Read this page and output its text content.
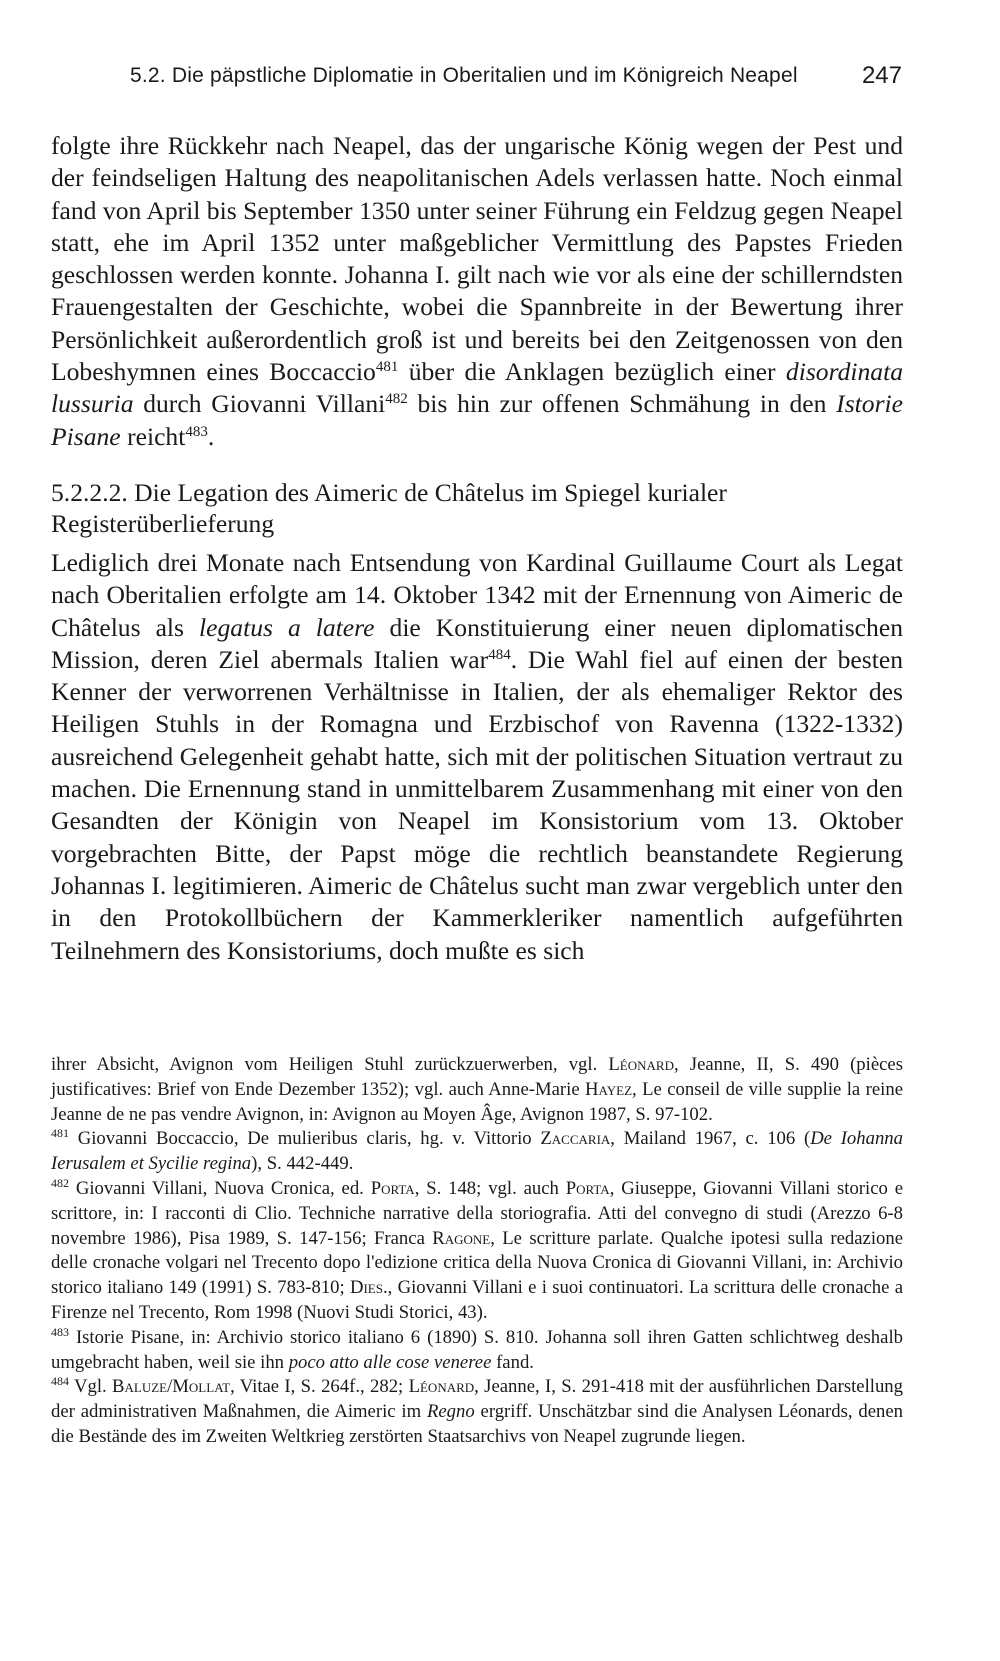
5.2. Die päpstliche Diplomatie in Oberitalien und im Königreich Neapel	247

folgte ihre Rückkehr nach Neapel, das der ungarische König wegen der Pest und der feindseligen Haltung des neapolitanischen Adels verlassen hatte. Noch einmal fand von April bis September 1350 unter seiner Führung ein Feldzug gegen Neapel statt, ehe im April 1352 unter maßgeblicher Vermittlung des Papstes Frieden geschlossen werden konnte. Johanna I. gilt nach wie vor als eine der schillerndsten Frauengestalten der Geschichte, wobei die Spannbreite in der Bewertung ihrer Persönlichkeit außerordentlich groß ist und bereits bei den Zeitgenossen von den Lobeshymnen eines Boccaccio$^{481}$ über die Anklagen bezüglich einer disordinata lussuria durch Giovanni Villani$^{482}$ bis hin zur offenen Schmähung in den Istorie Pisane reicht$^{483}$.

5.2.2.2. Die Legation des Aimeric de Châtelus im Spiegel kurialer Registerüberlieferung

Lediglich drei Monate nach Entsendung von Kardinal Guillaume Court als Legat nach Oberitalien erfolgte am 14. Oktober 1342 mit der Ernennung von Aimeric de Châtelus als legatus a latere die Konstituierung einer neuen diplomatischen Mission, deren Ziel abermals Italien war$^{484}$. Die Wahl fiel auf einen der besten Kenner der verworrenen Verhältnisse in Italien, der als ehemaliger Rektor des Heiligen Stuhls in der Romagna und Erzbischof von Ravenna (1322-1332) ausreichend Gelegenheit gehabt hatte, sich mit der politischen Situation vertraut zu machen. Die Ernennung stand in unmittelbarem Zusammenhang mit einer von den Gesandten der Königin von Neapel im Konsistorium vom 13. Oktober vorgebrachten Bitte, der Papst möge die rechtlich beanstandete Regierung Johannas I. legitimieren. Aimeric de Châtelus sucht man zwar vergeblich unter den in den Protokollbüchern der Kammerkleriker namentlich aufgeführten Teilnehmern des Konsistoriums, doch mußte es sich

ihrer Absicht, Avignon vom Heiligen Stuhl zurückzuerwerben, vgl. Léonard, Jeanne, II, S. 490 (pièces justificatives: Brief von Ende Dezember 1352); vgl. auch Anne-Marie Hayez, Le conseil de ville supplie la reine Jeanne de ne pas vendre Avignon, in: Avignon au Moyen Âge, Avignon 1987, S. 97-102.

$^{481}$ Giovanni Boccaccio, De mulieribus claris, hg. v. Vittorio Zaccaria, Mailand 1967, c. 106 (De Iohanna Ierusalem et Sycilie regina), S. 442-449.

$^{482}$ Giovanni Villani, Nuova Cronica, ed. Porta, S. 148; vgl. auch Porta, Giuseppe, Giovanni Villani storico e scrittore, in: I racconti di Clio. Techniche narrative della storiografia. Atti del convegno di studi (Arezzo 6-8 novembre 1986), Pisa 1989, S. 147-156; Franca Ragone, Le scritture parlate. Qualche ipotesi sulla redazione delle cronache volgari nel Trecento dopo l'edizione critica della Nuova Cronica di Giovanni Villani, in: Archivio storico italiano 149 (1991) S. 783-810; Dies., Giovanni Villani e i suoi continuatori. La scrittura delle cronache a Firenze nel Trecento, Rom 1998 (Nuovi Studi Storici, 43).

$^{483}$ Istorie Pisane, in: Archivio storico italiano 6 (1890) S. 810. Johanna soll ihren Gatten schlichtweg deshalb umgebracht haben, weil sie ihn poco atto alle cose veneree fand.

$^{484}$ Vgl. Baluze/Mollat, Vitae I, S. 264f., 282; Léonard, Jeanne, I, S. 291-418 mit der ausführlichen Darstellung der administrativen Maßnahmen, die Aimeric im Regno ergriff. Unschätzbar sind die Analysen Léonards, denen die Bestände des im Zweiten Weltkrieg zerstörten Staatsarchivs von Neapel zugrunde liegen.
